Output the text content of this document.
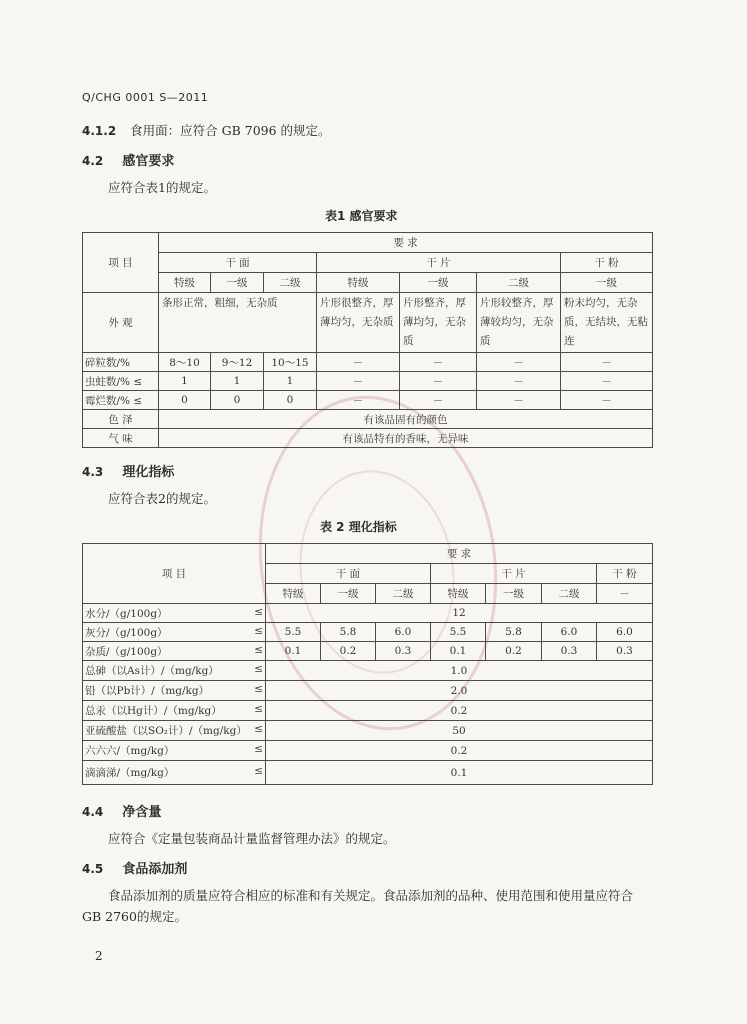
Q/CHG 0001 S—2011
4.1.2 食用面：应符合 GB 7096 的规定。
4.2 感官要求
应符合表1的规定。
表1 感官要求
项 目	要 求						
	干 面			干 片			干 粉
	特级	一级	二级	特级	一级	二级	一级
外 观	条形正常，粗细，无杂质			片形很整齐，厚薄均匀，无杂质	片形整齐，厚薄均匀，无杂质	片形较整齐，厚薄较均匀，无杂质	粉末均匀，无杂质，无结块，无粘连
碎粒数/%	8～10	9～12	10～15	－	－	－	－
虫蛀数/% ≤	1	1	1	－	－	－	－
霉烂数/% ≤	0	0	0	－	－	－	－
色 泽	有该品固有的颜色						
气 味	有该品特有的香味，无异味						
4.3 理化指标
应符合表2的规定。
表 2 理化指标
项 目	要 求						
	干 面			干 片			干 粉
	特级	一级	二级	特级	一级	二级	－
水分/（g/100g） ≤	12						
灰分/（g/100g） ≤	5.5	5.8	6.0	5.5	5.8	6.0	6.0
杂质/（g/100g） ≤	0.1	0.2	0.3	0.1	0.2	0.3	0.3
总砷（以As计）/（mg/kg） ≤	1.0						
铅（以Pb计）/（mg/kg） ≤	2.0						
总汞（以Hg计）/（mg/kg） ≤	0.2						
亚硫酸盐（以SO₂计）/（mg/kg） ≤	50						
六六六/（mg/kg） ≤	0.2						
滴滴涕/（mg/kg） ≤	0.1						
4.4 净含量
应符合《定量包装商品计量监督管理办法》的规定。
4.5 食品添加剂
食品添加剂的质量应符合相应的标准和有关规定。食品添加剂的品种、使用范围和使用量应符合
GB 2760的规定。
2
